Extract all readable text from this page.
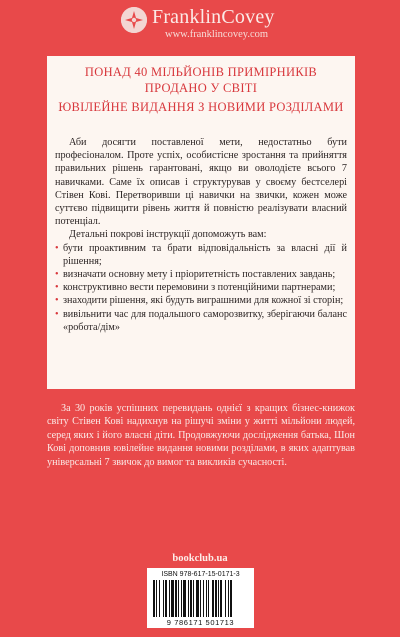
FranklinCovey
www.franklincovey.com
ПОНАД 40 МІЛЬЙОНІВ ПРИМІРНИКІВ
ПРОДАНО У СВІТІ
ЮВІЛЕЙНЕ ВИДАННЯ З НОВИМИ РОЗДІЛАМИ

Аби досягти поставленої мети, недостатньо бути професіоналом. Проте успіх, особистісне зростання та прийняття правильних рішень гарантовані, якщо ви оволодієте всього 7 навичками. Саме їх описав і структурував у своєму бестселері Стівен Кові. Перетворивши ці навички на звички, кожен може суттєво підвищити рівень життя й повністю реалізувати власний потенціал.

Детальні покрові інструкції допоможуть вам:

• бути проактивним та брати відповідальність за власні дії й рішення;
• визначати основну мету і пріоритетність поставлених завдань;
• конструктивно вести перемовини з потенційними партнерами;
• знаходити рішення, які будуть виграшними для кожної зі сторін;
• вивільнити час для подальшого саморозвитку, зберігаючи баланс «робота/дім»

За 30 років успішних перевидань однієї з кращих бізнес-книжок світу Стівен Кові надихнув на рішучі зміни у житті мільйони людей, серед яких і його власні діти. Продовжуючи дослідження батька, Шон Кові доповнив ювілейне видання новими розділами, в яких адаптував універсальні 7 звичок до вимог та викликів сучасності.

bookclub.ua
ISBN 978-617-15-0171-3
9 786171 501713
